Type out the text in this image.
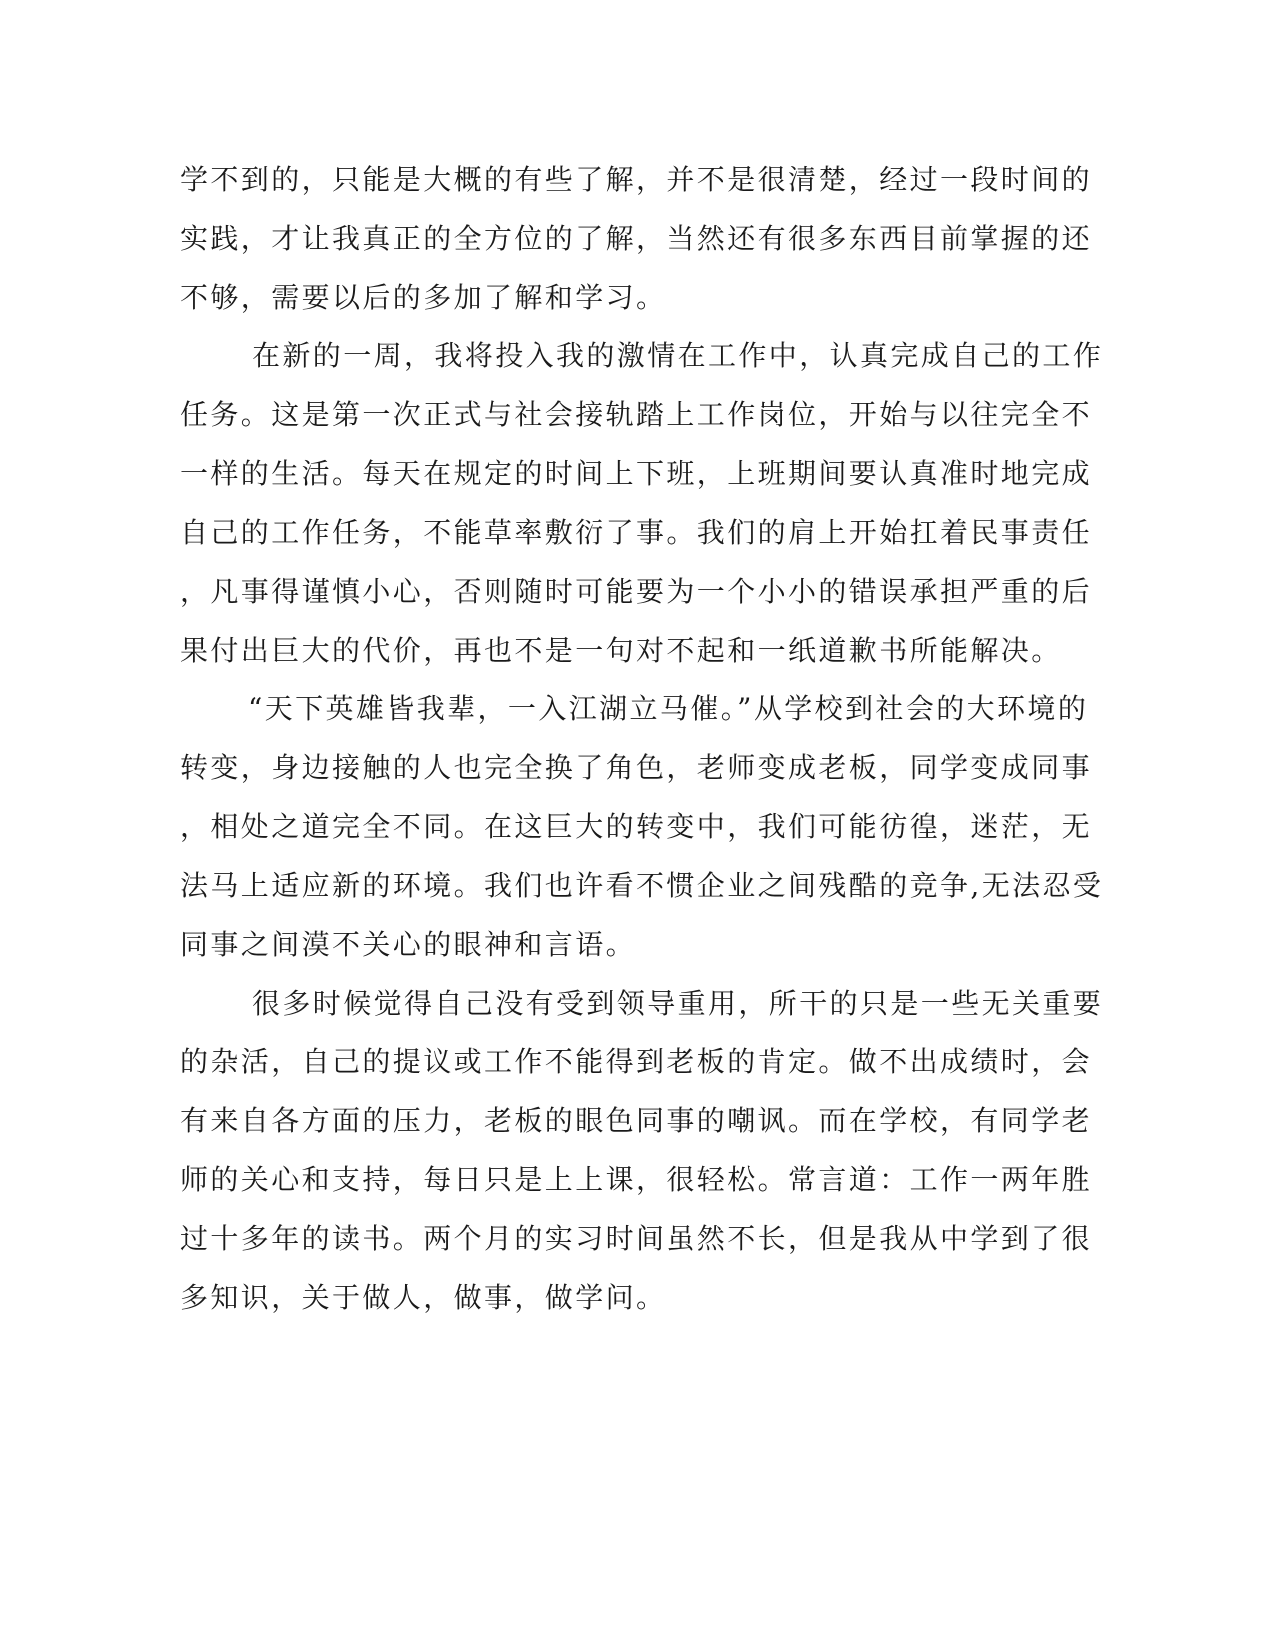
学不到的，只能是大概的有些了解，并不是很清楚，经过一段时间的
实践，才让我真正的全方位的了解，当然还有很多东西目前掌握的还
不够，需要以后的多加了解和学习。
在新的一周，我将投入我的激情在工作中，认真完成自己的工作
任务。这是第一次正式与社会接轨踏上工作岗位，开始与以往完全不
一样的生活。每天在规定的时间上下班，上班期间要认真准时地完成
自己的工作任务，不能草率敷衍了事。我们的肩上开始扛着民事责任
，凡事得谨慎小心，否则随时可能要为一个小小的错误承担严重的后
果付出巨大的代价，再也不是一句对不起和一纸道歉书所能解决。
“天下英雄皆我辈，一入江湖立马催。”从学校到社会的大环境的
转变，身边接触的人也完全换了角色，老师变成老板，同学变成同事
，相处之道完全不同。在这巨大的转变中，我们可能彷徨，迷茫，无
法马上适应新的环境。我们也许看不惯企业之间残酷的竞争,无法忍受
同事之间漠不关心的眼神和言语。
很多时候觉得自己没有受到领导重用，所干的只是一些无关重要
的杂活，自己的提议或工作不能得到老板的肯定。做不出成绩时，会
有来自各方面的压力，老板的眼色同事的嘲讽。而在学校，有同学老
师的关心和支持，每日只是上上课，很轻松。常言道：工作一两年胜
过十多年的读书。两个月的实习时间虽然不长，但是我从中学到了很
多知识，关于做人，做事，做学问。
